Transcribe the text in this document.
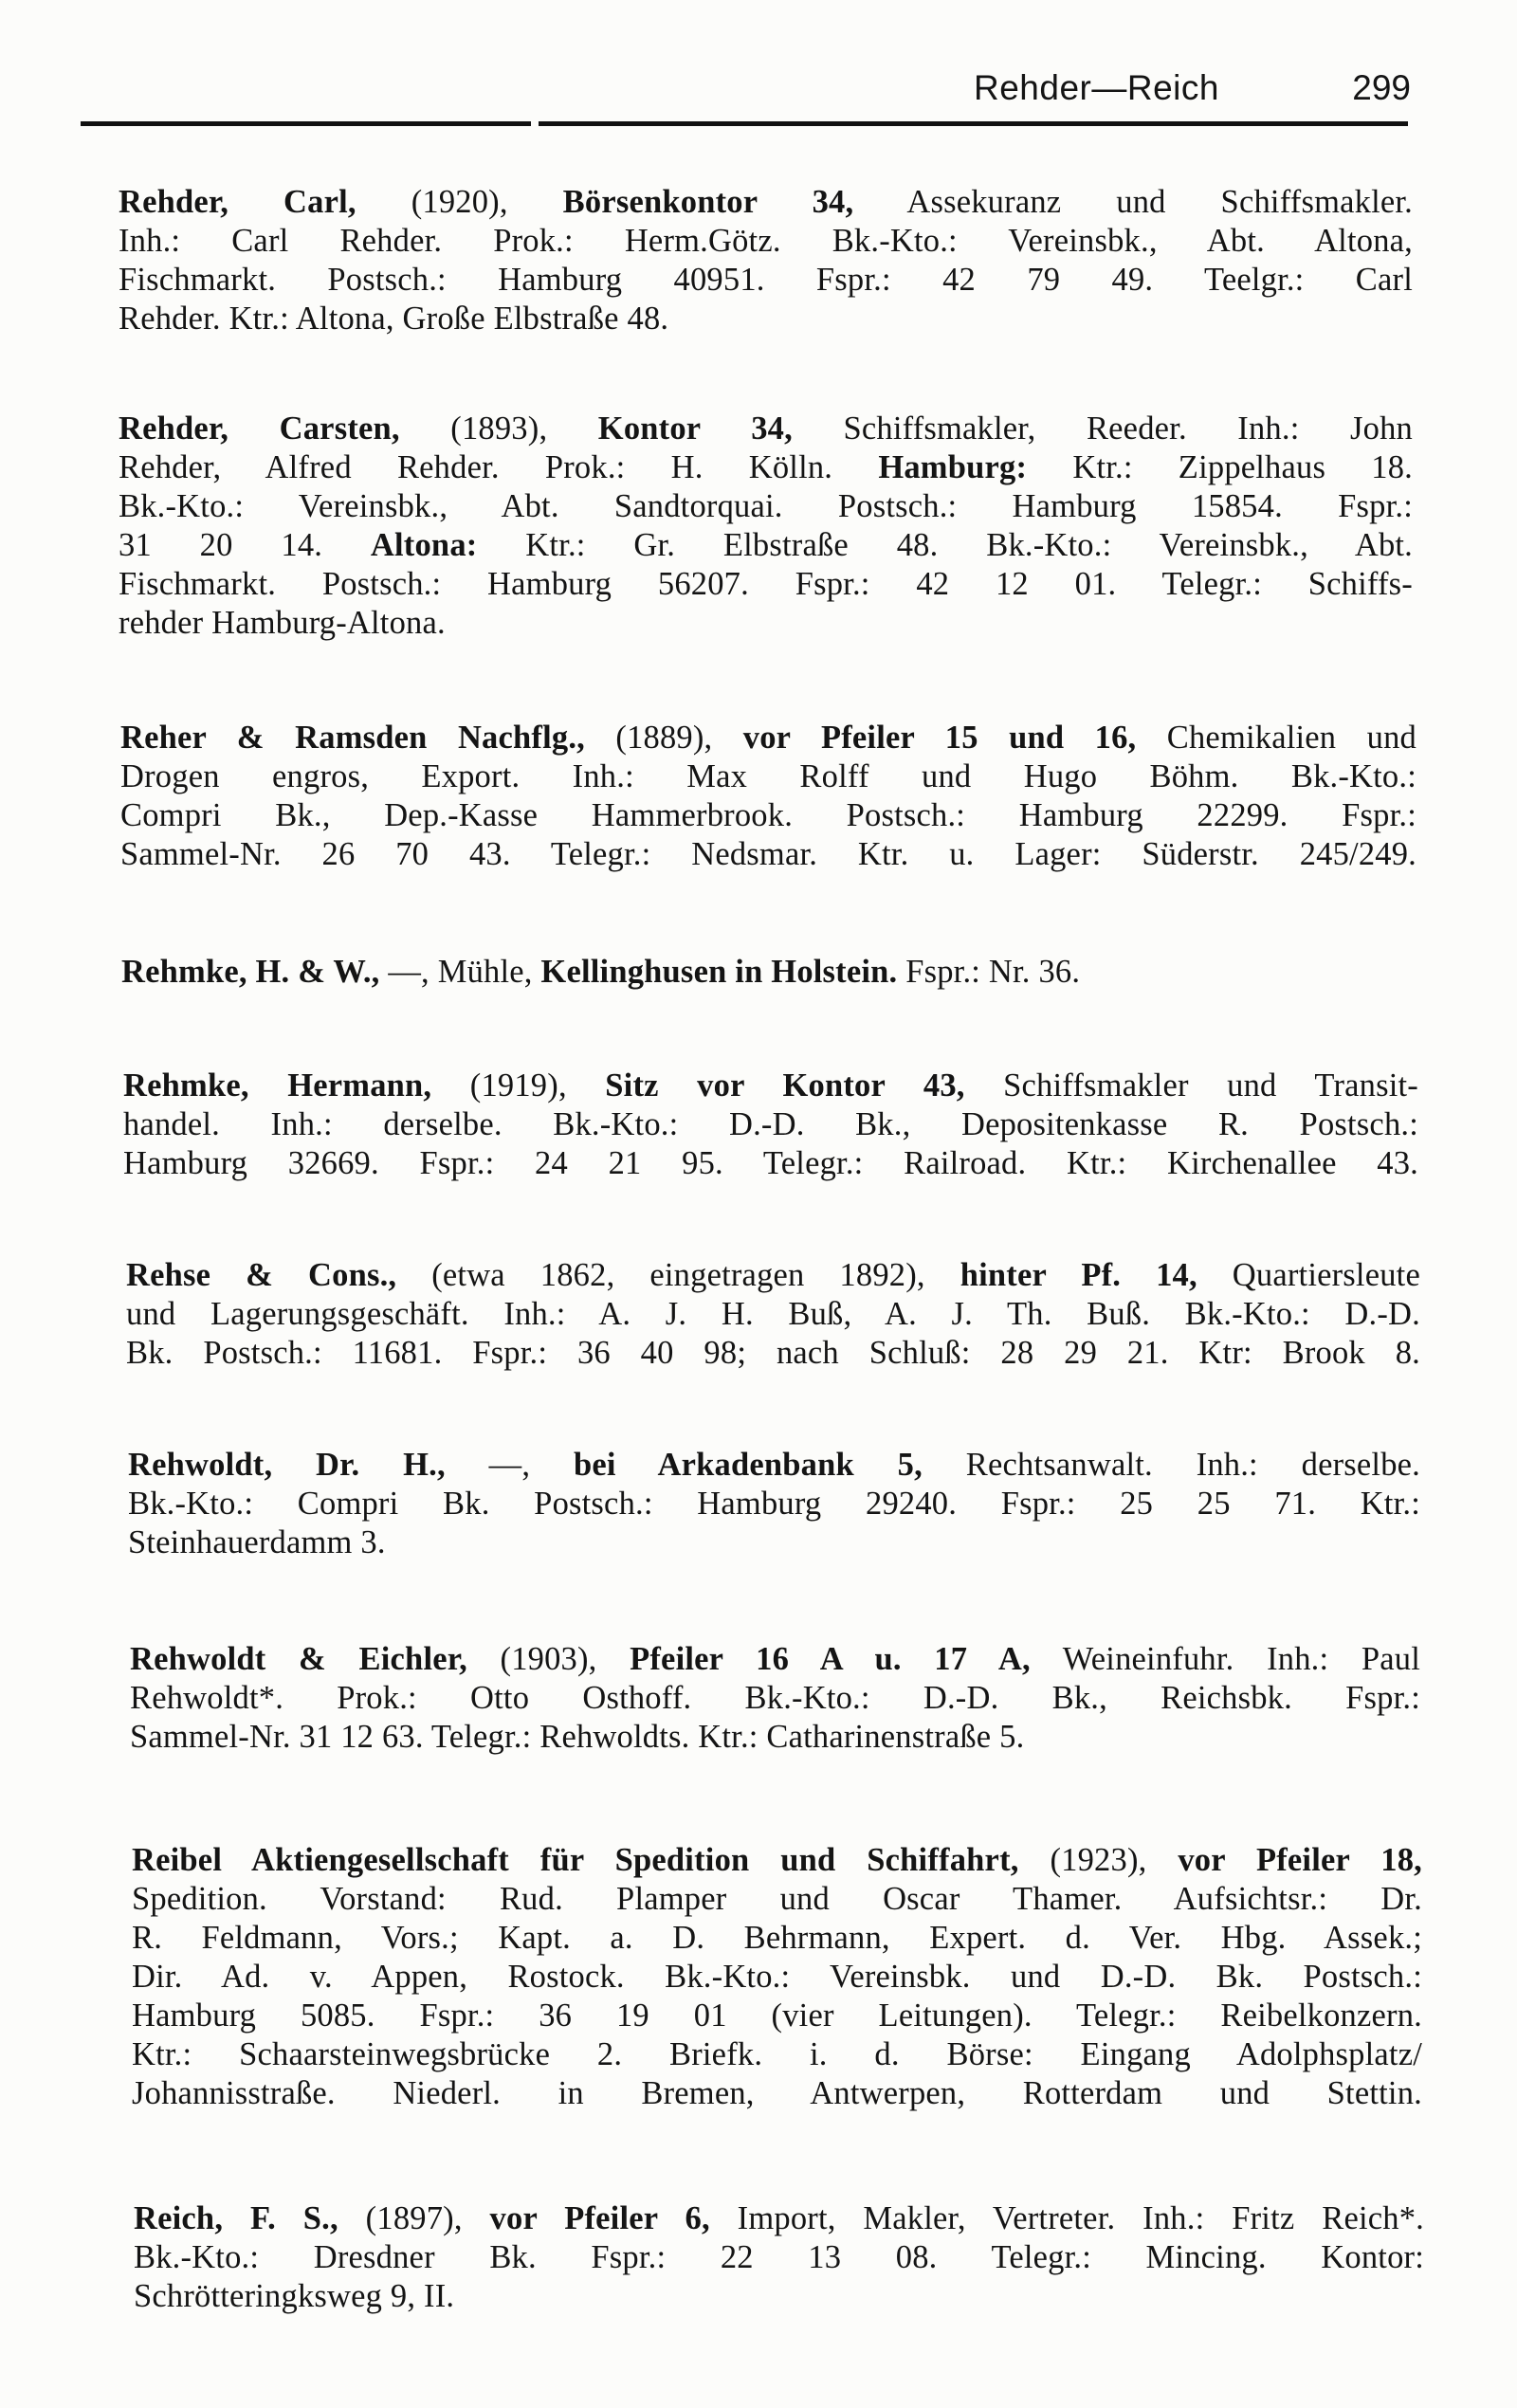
Rehder—Reich	299
Rehder, Carl, (1920), Börsenkontor 34, Assekuranz und Schiffsmakler.
Inh.: Carl Rehder. Prok.: Herm.Götz. Bk.-Kto.: Vereinsbk., Abt. Altona,
Fischmarkt. Postsch.: Hamburg 40951. Fspr.: 42 79 49. Teelgr.: Carl
Rehder. Ktr.: Altona, Große Elbstraße 48.
Rehder, Carsten, (1893), Kontor 34, Schiffsmakler, Reeder. Inh.: John
Rehder, Alfred Rehder. Prok.: H. Kölln. Hamburg: Ktr.: Zippelhaus 18.
Bk.-Kto.: Vereinsbk., Abt. Sandtorquai. Postsch.: Hamburg 15854. Fspr.:
31 20 14. Altona: Ktr.: Gr. Elbstraße 48. Bk.-Kto.: Vereinsbk., Abt.
Fischmarkt. Postsch.: Hamburg 56207. Fspr.: 42 12 01. Telegr.: Schiffs-
rehder Hamburg-Altona.
Reher & Ramsden Nachflg., (1889), vor Pfeiler 15 und 16, Chemikalien und
Drogen engros, Export. Inh.: Max Rolff und Hugo Böhm. Bk.-Kto.:
Compri Bk., Dep.-Kasse Hammerbrook. Postsch.: Hamburg 22299. Fspr.:
Sammel-Nr. 26 70 43. Telegr.: Nedsmar. Ktr. u. Lager: Süderstr. 245/249.
Rehmke, H. & W., —, Mühle, Kellinghusen in Holstein. Fspr.: Nr. 36.
Rehmke, Hermann, (1919), Sitz vor Kontor 43, Schiffsmakler und Transit-
handel. Inh.: derselbe. Bk.-Kto.: D.-D. Bk., Depositenkasse R. Postsch.:
Hamburg 32669. Fspr.: 24 21 95. Telegr.: Railroad. Ktr.: Kirchenallee 43.
Rehse & Cons., (etwa 1862, eingetragen 1892), hinter Pf. 14, Quartiersleute
und Lagerungsgeschäft. Inh.: A. J. H. Buß, A. J. Th. Buß. Bk.-Kto.: D.-D.
Bk. Postsch.: 11681. Fspr.: 36 40 98; nach Schluß: 28 29 21. Ktr: Brook 8.
Rehwoldt, Dr. H., —, bei Arkadenbank 5, Rechtsanwalt. Inh.: derselbe.
Bk.-Kto.: Compri Bk. Postsch.: Hamburg 29240. Fspr.: 25 25 71. Ktr.:
Steinhauerdamm 3.
Rehwoldt & Eichler, (1903), Pfeiler 16 A u. 17 A, Weineinfuhr. Inh.: Paul
Rehwoldt*. Prok.: Otto Osthoff. Bk.-Kto.: D.-D. Bk., Reichsbk. Fspr.:
Sammel-Nr. 31 12 63. Telegr.: Rehwoldts. Ktr.: Catharinenstraße 5.
Reibel Aktiengesellschaft für Spedition und Schiffahrt, (1923), vor Pfeiler 18,
Spedition. Vorstand: Rud. Plamper und Oscar Thamer. Aufsichtsr.: Dr.
R. Feldmann, Vors.; Kapt. a. D. Behrmann, Expert. d. Ver. Hbg. Assek.;
Dir. Ad. v. Appen, Rostock. Bk.-Kto.: Vereinsbk. und D.-D. Bk. Postsch.:
Hamburg 5085. Fspr.: 36 19 01 (vier Leitungen). Telegr.: Reibelkonzern.
Ktr.: Schaarsteinwegsbrücke 2. Briefk. i. d. Börse: Eingang Adolphsplatz/
Johannisstraße. Niederl. in Bremen, Antwerpen, Rotterdam und Stettin.
Reich, F. S., (1897), vor Pfeiler 6, Import, Makler, Vertreter. Inh.: Fritz Reich*.
Bk.-Kto.: Dresdner Bk. Fspr.: 22 13 08. Telegr.: Mincing. Kontor:
Schrötteringksweg 9, II.
